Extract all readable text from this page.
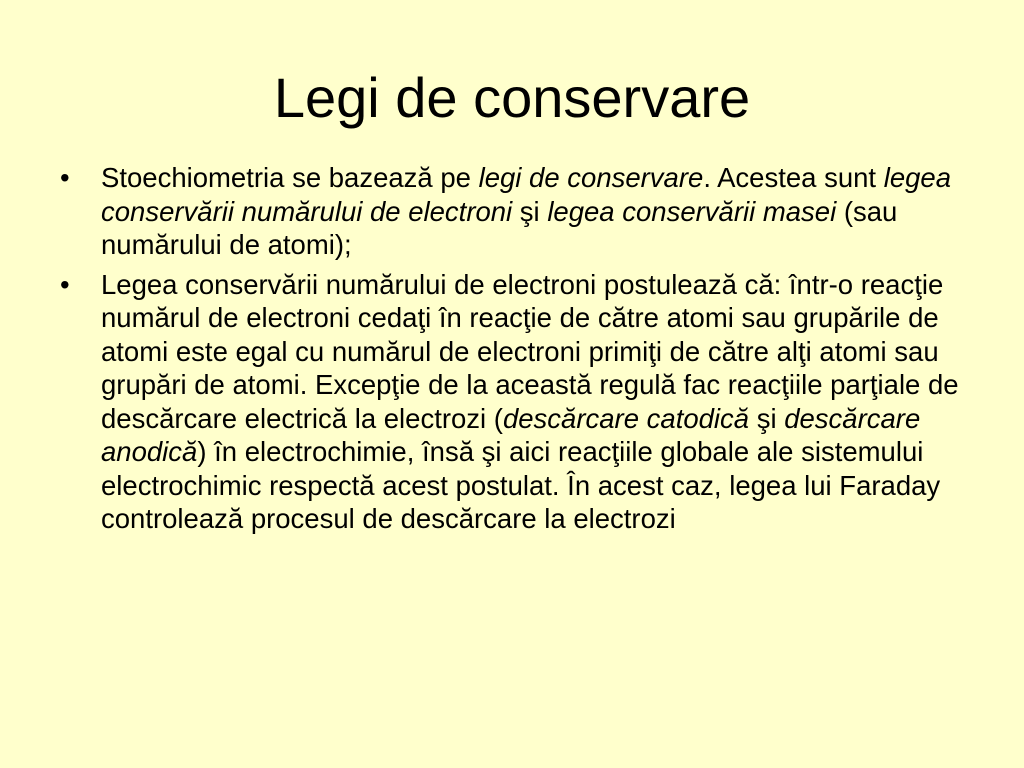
Legi de conservare
•	Stoechiometria se bazează pe legi de conservare. Acestea sunt legea conservării numărului de electroni şi legea conservării masei (sau numărului de atomi);
•	Legea conservării numărului de electroni postulează că: într-o reacţie numărul de electroni cedaţi în reacţie de către atomi sau grupările de atomi este egal cu numărul de electroni primiţi de către alţi atomi sau grupări de atomi. Excepţie de la această regulă fac reacţiile parţiale de descărcare electrică la electrozi (descărcare catodică şi descărcare anodică) în electrochimie, însă şi aici reacţiile globale ale sistemului electrochimic respectă acest postulat. În acest caz, legea lui Faraday controlează procesul de descărcare la electrozi
